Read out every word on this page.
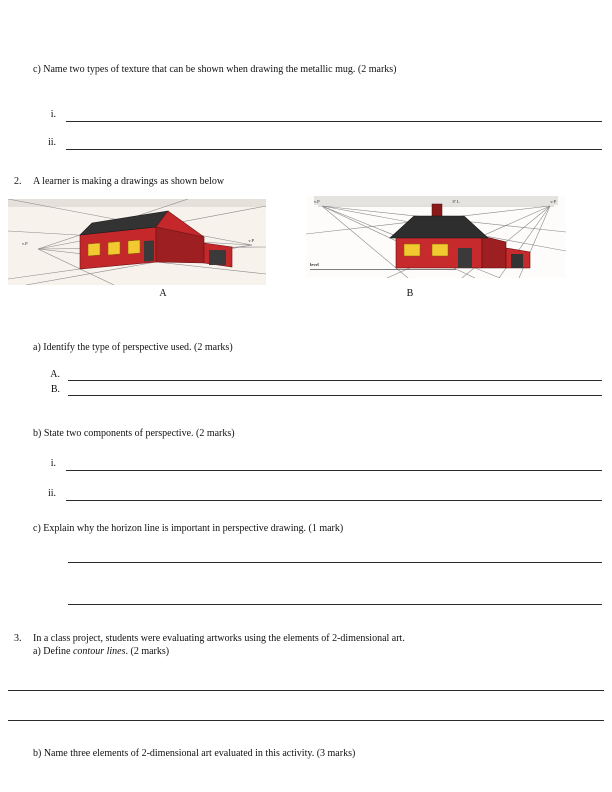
c) Name two types of texture that can be shown when drawing the metallic mug. (2 marks)
i.
ii.
2. A learner is making a drawings as shown below
v.P
v.P
A
v.P	8' L	v.P
level
B
a) Identify the type of perspective used. (2 marks)
A.
B.
b) State two components of perspective. (2 marks)
i.
ii.
c) Explain why the horizon line is important in perspective drawing. (1 mark)
3. In a class project, students were evaluating artworks using the elements of 2-dimensional art.
a) Define contour lines. (2 marks)
b) Name three elements of 2-dimensional art evaluated in this activity. (3 marks)
